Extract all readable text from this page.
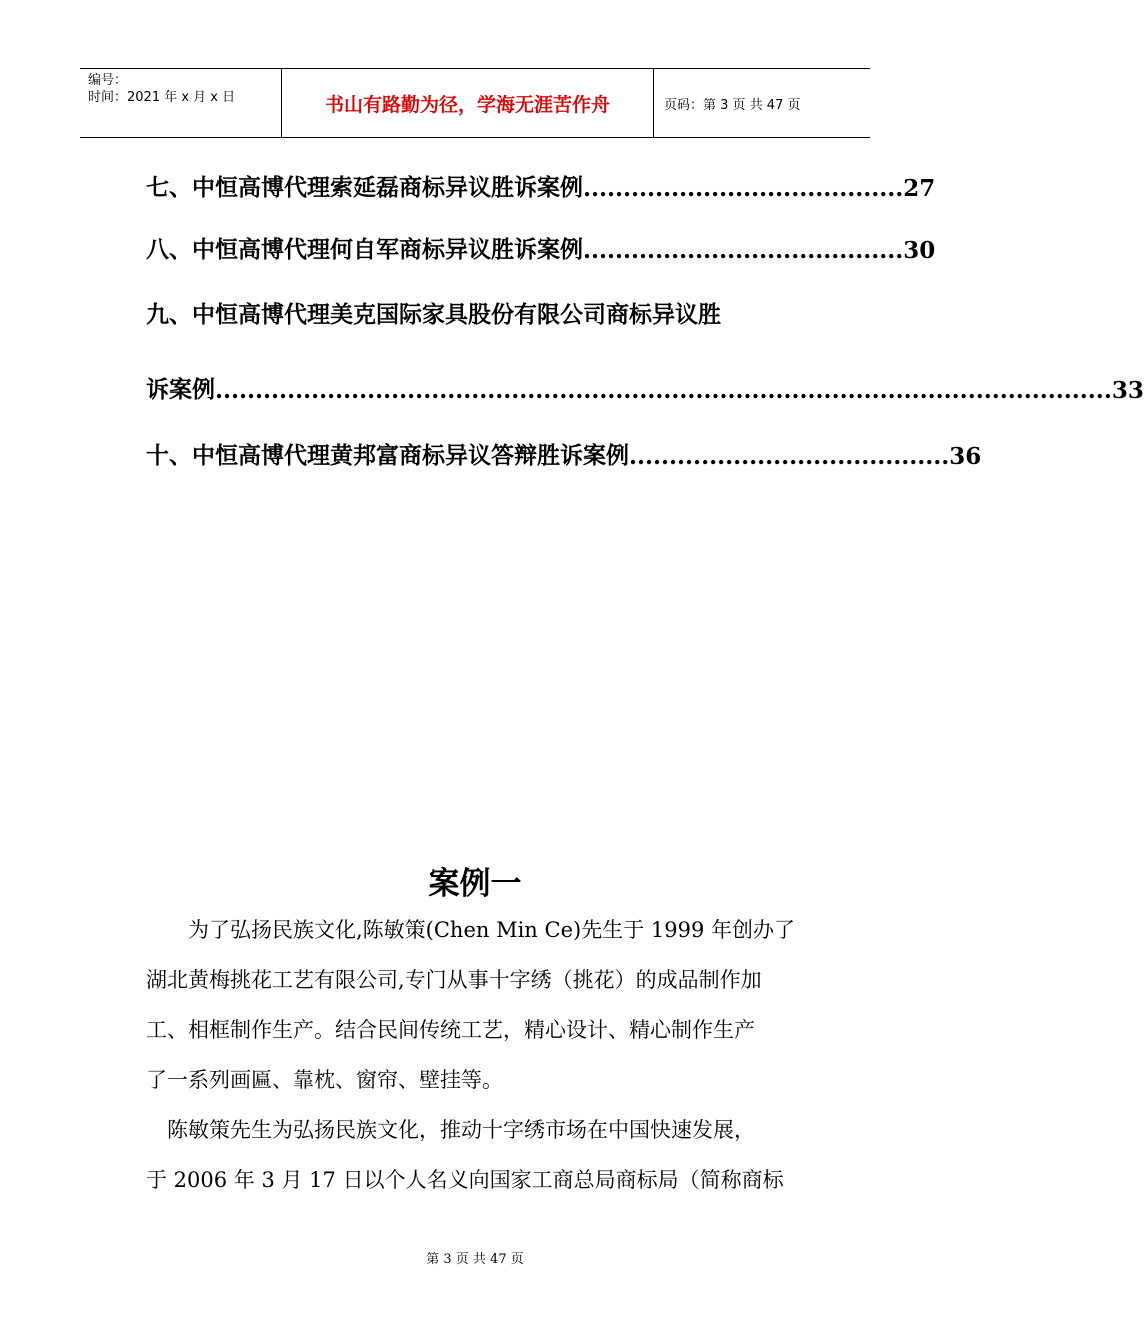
编号：
时间：2021 年 x 月 x 日	书山有路勤为径，学海无涯苦作舟	页码：第 3 页 共 47 页
七、中恒高博代理索延磊商标异议胜诉案例 ........................................ 27
八、中恒高博代理何自军商标异议胜诉案例 ........................................ 30
九、中恒高博代理美克国际家具股份有限公司商标异议胜
诉案例 ................................................................................................................ 33
十、中恒高博代理黄邦富商标异议答辩胜诉案例 ........................................ 36
案例一
　　为了弘扬民族文化,陈敏策(Chen Min Ce)先生于 1999 年创办了
湖北黄梅挑花工艺有限公司,专门从事十字绣（挑花）的成品制作加
工、相框制作生产。结合民间传统工艺，精心设计、精心制作生产
了一系列画匾、靠枕、窗帘、壁挂等。
　陈敏策先生为弘扬民族文化，推动十字绣市场在中国快速发展，
于 2006 年 3 月 17 日以个人名义向国家工商总局商标局（简称商标
第 3 页 共 47 页
